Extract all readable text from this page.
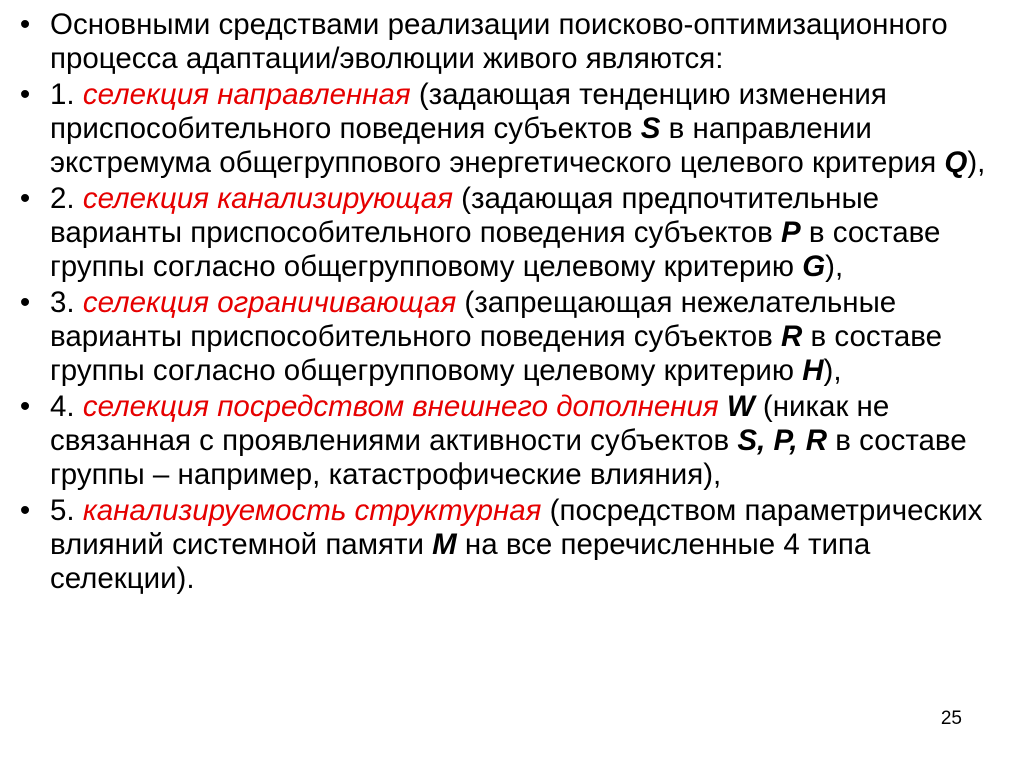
• Основными средствами реализации поисково-оптимизационного процесса адаптации/эволюции живого являются:
• 1. селекция направленная (задающая тенденцию изменения приспособительного поведения субъектов S в направлении экстремума общегруппового энергетического целевого критерия Q),
• 2. селекция канализирующая (задающая предпочтительные варианты приспособительного поведения субъектов P в составе группы согласно общегрупповому целевому критерию G),
• 3. селекция ограничивающая (запрещающая нежелательные варианты приспособительного поведения субъектов R в составе группы согласно общегрупповому целевому критерию H),
• 4. селекция посредством внешнего дополнения W (никак не связанная с проявлениями активности субъектов S, P, R в составе группы – например, катастрофические влияния),
• 5. канализируемость структурная (посредством параметрических влияний системной памяти M на все перечисленные 4 типа селекции).
25
